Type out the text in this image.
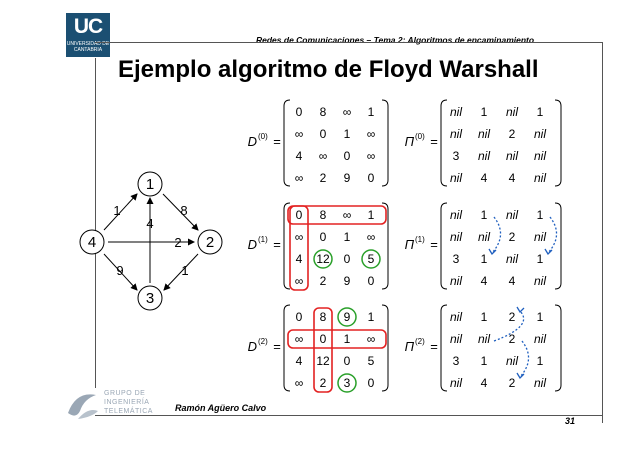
UC
UNIVERSIDAD DE CANTABRIA
Redes de Comunicaciones – Tema 2: Algoritmos de encaminamiento
Ejemplo algoritmo de Floyd Warshall
1
2
3
4
1	8
4
2
9	1
D (0) =
0 8 ∞ 1
∞ 0 1 ∞
4 ∞ 0 ∞
∞ 2 9 0
Π (0) =
nil 1 nil 1
nil nil 2 nil
3 nil nil nil
nil 4 4 nil
D (1) =
0 8 ∞ 1
∞ 0 1 ∞
4 12 0 5
∞ 2 9 0
Π (1) =
nil 1 nil 1
nil nil 2 nil
3 1 nil 1
nil 4 4 nil
D (2) =
0 8 9 1
∞ 0 1 ∞
4 12 0 5
∞ 2 3 0
Π (2) =
nil 1 2 1
nil nil 2 nil
3 1 nil 1
nil 4 2 nil
GRUPO DE
INGENIERÍA
TELEMÁTICA Ramón Agüero Calvo
31
